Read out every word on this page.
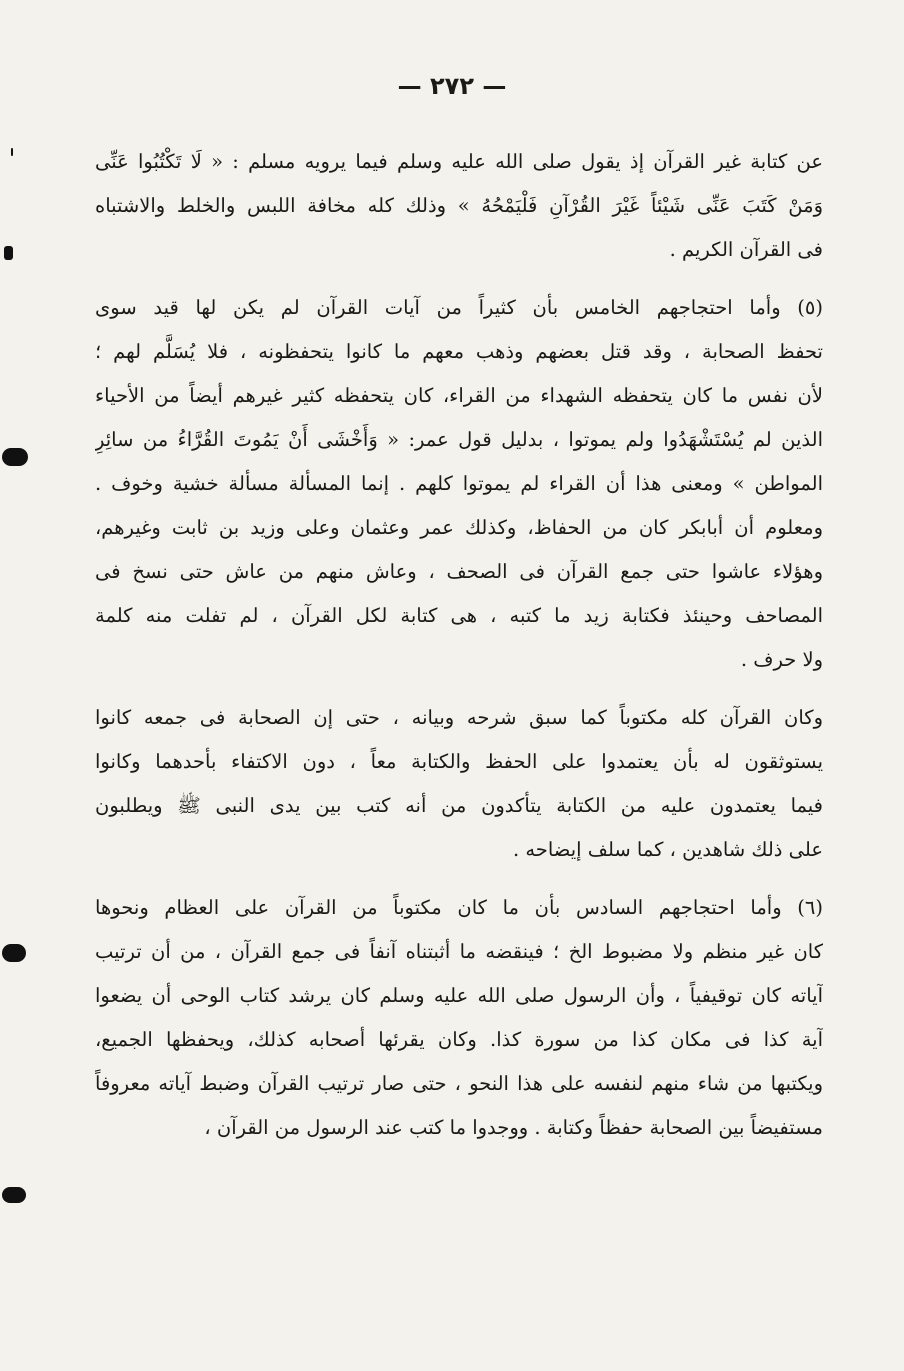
— ٢٧٢ —
عن كتابة غير القرآن إذ يقول صلى الله عليه وسلم فيما يرويه مسلم : « لَا تَكْتُبُوا عَنِّى
وَمَنْ كَتَبَ عَنِّى شَيْئاً غَيْرَ القُرْآنِ فَلْيَمْحُهُ » وذلك كله مخافة اللبس والخلط والاشتباه
فى القرآن الكريم .
(٥) وأما احتجاجهم الخامس بأن كثيراً من آيات القرآن لم يكن لها قيد سوى
تحفظ الصحابة ، وقد قتل بعضهم وذهب معهم ما كانوا يتحفظونه ، فلا يُسَلَّم لهم ؛
لأن نفس ما كان يتحفظه الشهداء من القراء، كان يتحفظه كثير غيرهم أيضاً من الأحياء
الذين لم يُسْتَشْهَدُوا ولم يموتوا ، بدليل قول عمر: « وَأَخْشَى أَنْ يَمُوتَ القُرَّاءُ من سائِرِ
المواطن » ومعنى هذا أن القراء لم يموتوا كلهم . إنما المسألة مسألة خشية وخوف .
ومعلوم أن أبابكر كان من الحفاظ، وكذلك عمر وعثمان وعلى وزيد بن ثابت وغيرهم،
وهؤلاء عاشوا حتى جمع القرآن فى الصحف ، وعاش منهم من عاش حتى نسخ فى
المصاحف وحينئذ فكتابة زيد ما كتبه ، هى كتابة لكل القرآن ، لم تفلت منه كلمة
ولا حرف .
وكان القرآن كله مكتوباً كما سبق شرحه وبيانه ، حتى إن الصحابة فى جمعه كانوا
يستوثقون له بأن يعتمدوا على الحفظ والكتابة معاً ، دون الاكتفاء بأحدهما وكانوا
فيما يعتمدون عليه من الكتابة يتأكدون من أنه كتب بين يدى النبى ﷺ ويطلبون
على ذلك شاهدين ، كما سلف إيضاحه .
(٦) وأما احتجاجهم السادس بأن ما كان مكتوباً من القرآن على العظام ونحوها
كان غير منظم ولا مضبوط الخ ؛ فينقضه ما أثبتناه آنفاً فى جمع القرآن ، من أن ترتيب
آياته كان توقيفياً ، وأن الرسول صلى الله عليه وسلم كان يرشد كتاب الوحى أن يضعوا
آية كذا فى مكان كذا من سورة كذا. وكان يقرئها أصحابه كذلك، ويحفظها الجميع،
ويكتبها من شاء منهم لنفسه على هذا النحو ، حتى صار ترتيب القرآن وضبط آياته معروفاً
مستفيضاً بين الصحابة حفظاً وكتابة . ووجدوا ما كتب عند الرسول من القرآن ،
